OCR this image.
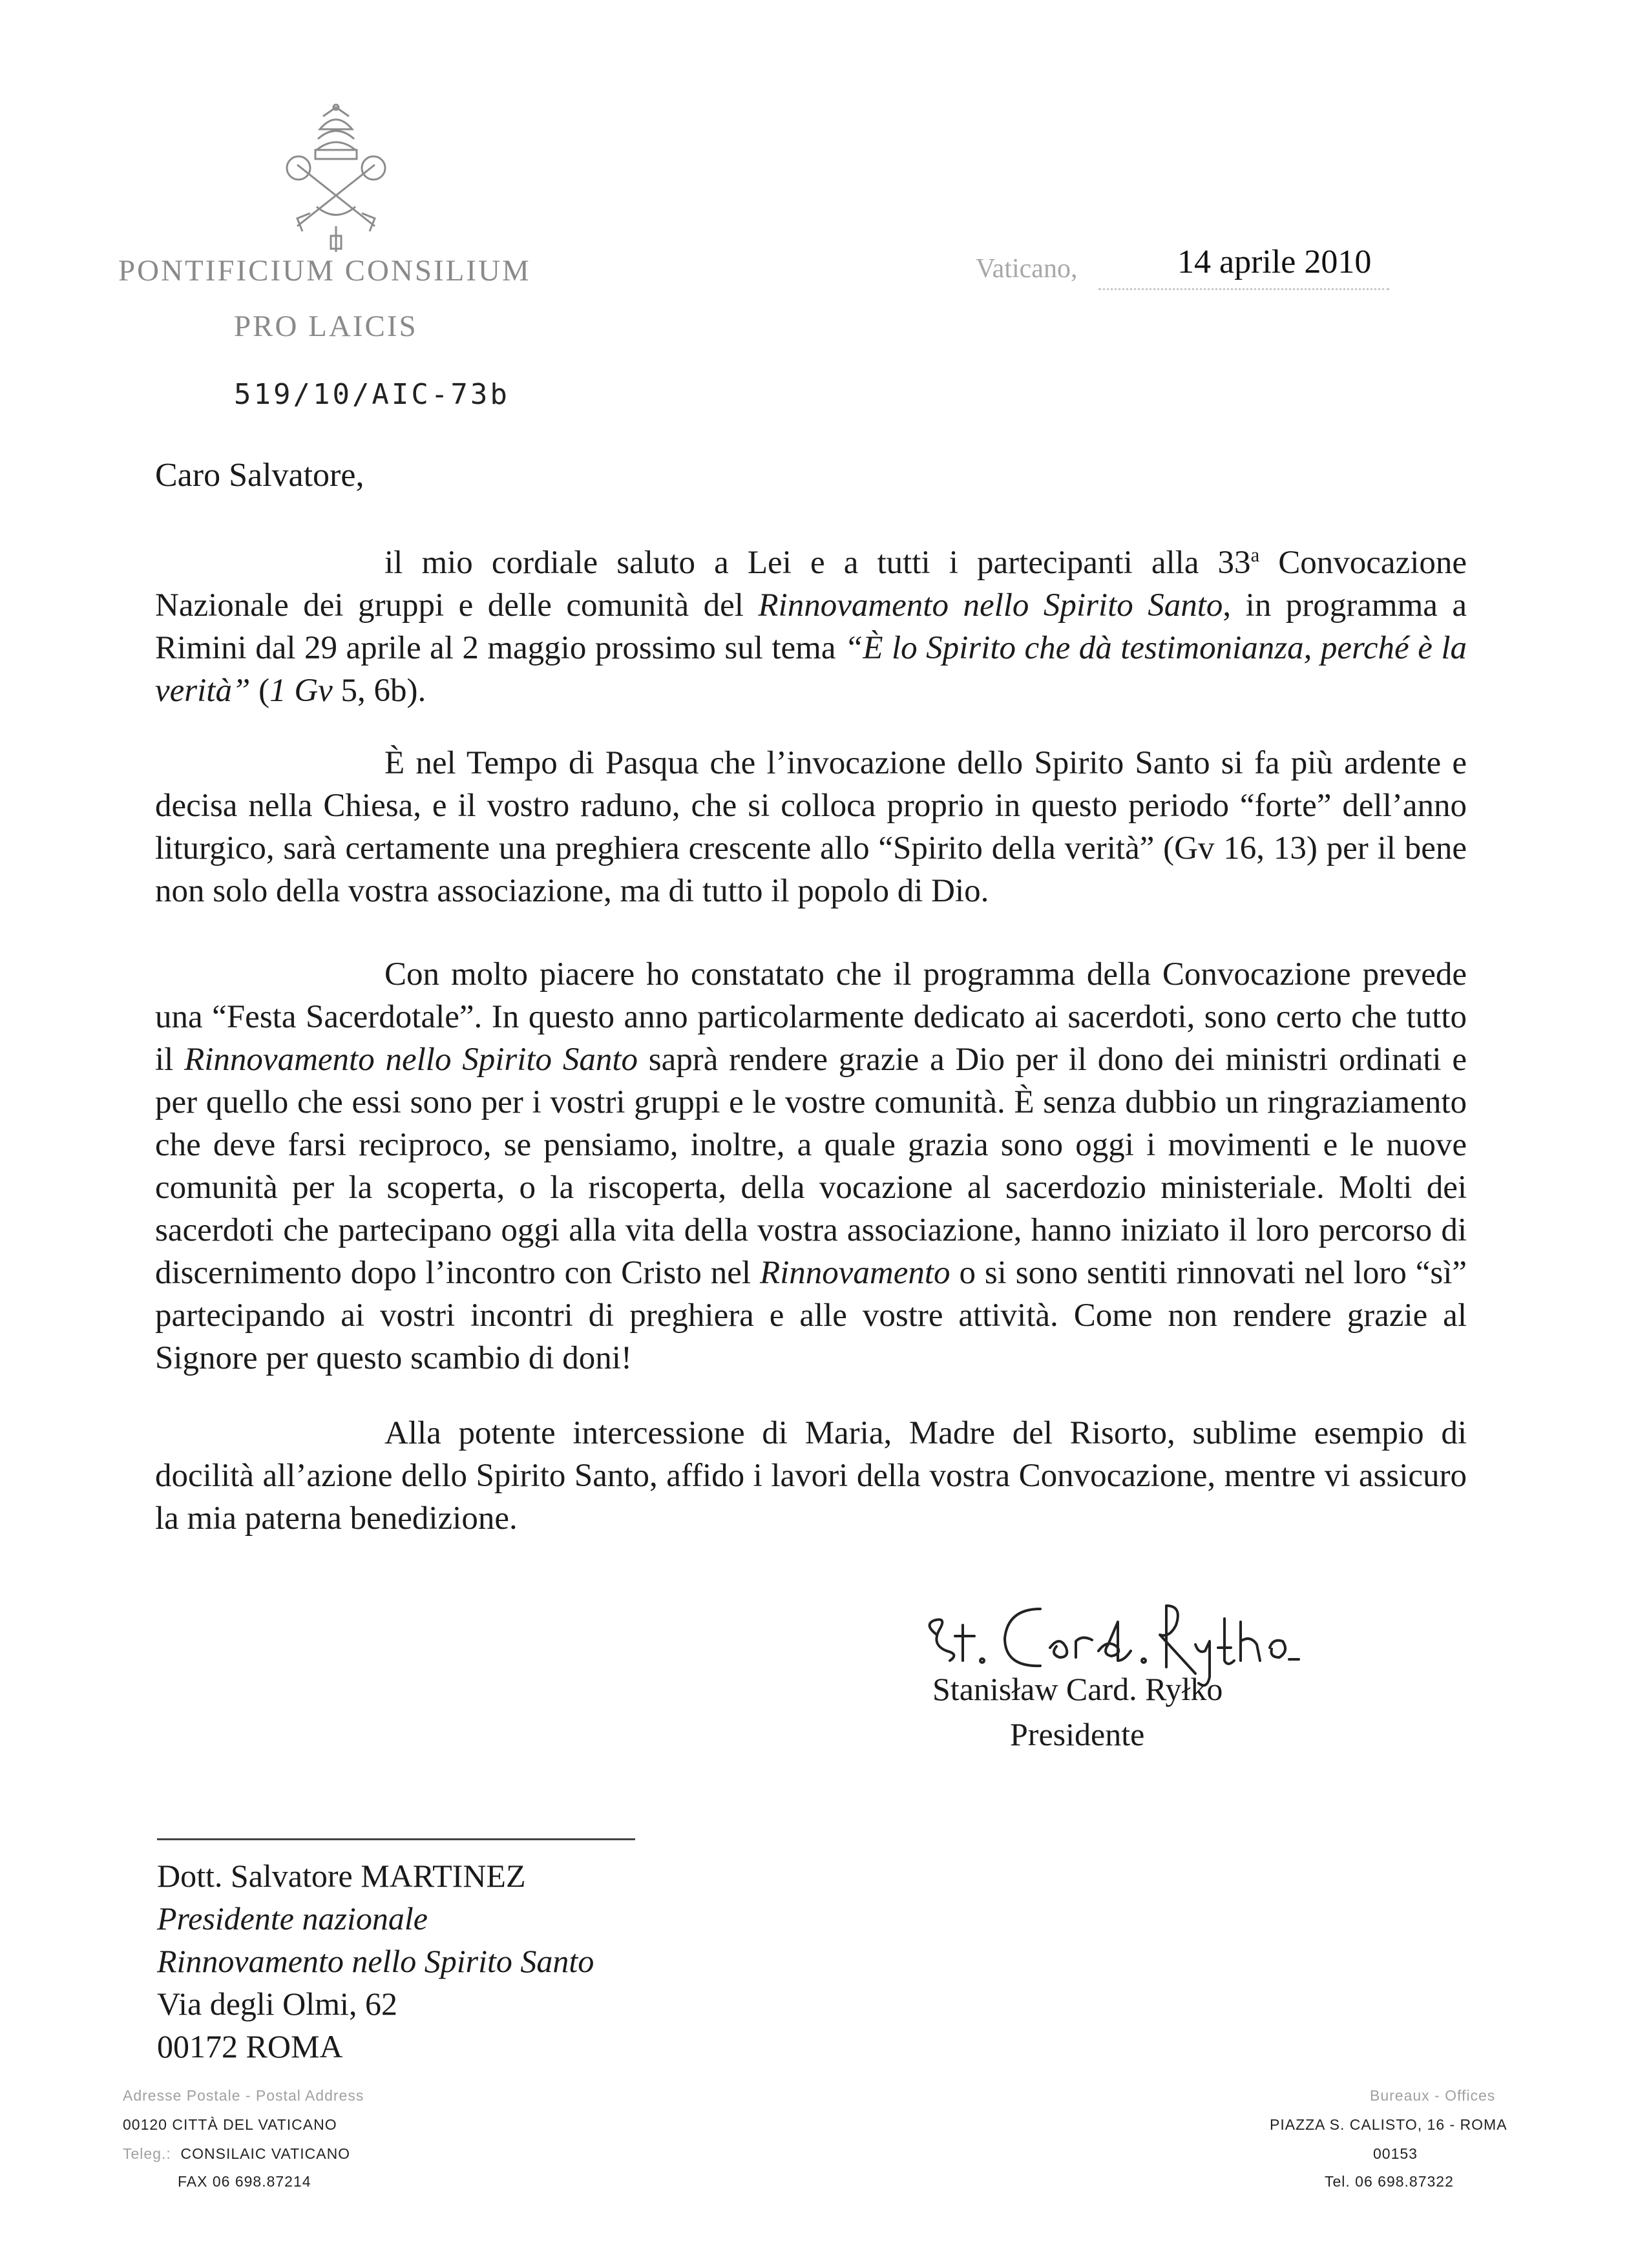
PONTIFICIUM CONSILIUM
PRO LAICIS
Vaticano,	14 aprile 2010
519/10/AIC-73b
Caro Salvatore,
il mio cordiale saluto a Lei e a tutti i partecipanti alla 33$^a$ Convocazione Nazionale dei gruppi e delle comunità del Rinnovamento nello Spirito Santo, in programma a Rimini dal 29 aprile al 2 maggio prossimo sul tema “È lo Spirito che dà testimonianza, perché è la verità” (1 Gv 5, 6b).
È nel Tempo di Pasqua che l’invocazione dello Spirito Santo si fa più ardente e decisa nella Chiesa, e il vostro raduno, che si colloca proprio in questo periodo “forte” dell’anno liturgico, sarà certamente una preghiera crescente allo “Spirito della verità” (Gv 16, 13) per il bene non solo della vostra associazione, ma di tutto il popolo di Dio.
Con molto piacere ho constatato che il programma della Convocazione prevede una “Festa Sacerdotale”. In questo anno particolarmente dedicato ai sacerdoti, sono certo che tutto il Rinnovamento nello Spirito Santo saprà rendere grazie a Dio per il dono dei ministri ordinati e per quello che essi sono per i vostri gruppi e le vostre comunità. È senza dubbio un ringraziamento che deve farsi reciproco, se pensiamo, inoltre, a quale grazia sono oggi i movimenti e le nuove comunità per la scoperta, o la riscoperta, della vocazione al sacerdozio ministeriale. Molti dei sacerdoti che partecipano oggi alla vita della vostra associazione, hanno iniziato il loro percorso di discernimento dopo l’incontro con Cristo nel Rinnovamento o si sono sentiti rinnovati nel loro “sì” partecipando ai vostri incontri di preghiera e alle vostre attività. Come non rendere grazie al Signore per questo scambio di doni!
Alla potente intercessione di Maria, Madre del Risorto, sublime esempio di docilità all’azione dello Spirito Santo, affido i lavori della vostra Convocazione, mentre vi assicuro la mia paterna benedizione.
Stanisław Card. Ryłko
Presidente
Dott. Salvatore MARTINEZ
Presidente nazionale
Rinnovamento nello Spirito Santo
Via degli Olmi, 62
00172 ROMA
Adresse Postale - Postal Address
00120 CITTÀ DEL VATICANO
Teleg.: CONSILAIC VATICANO
FAX 06 698.87214
Bureaux - Offices
PIAZZA S. CALISTO, 16 - ROMA
00153
Tel. 06 698.87322
